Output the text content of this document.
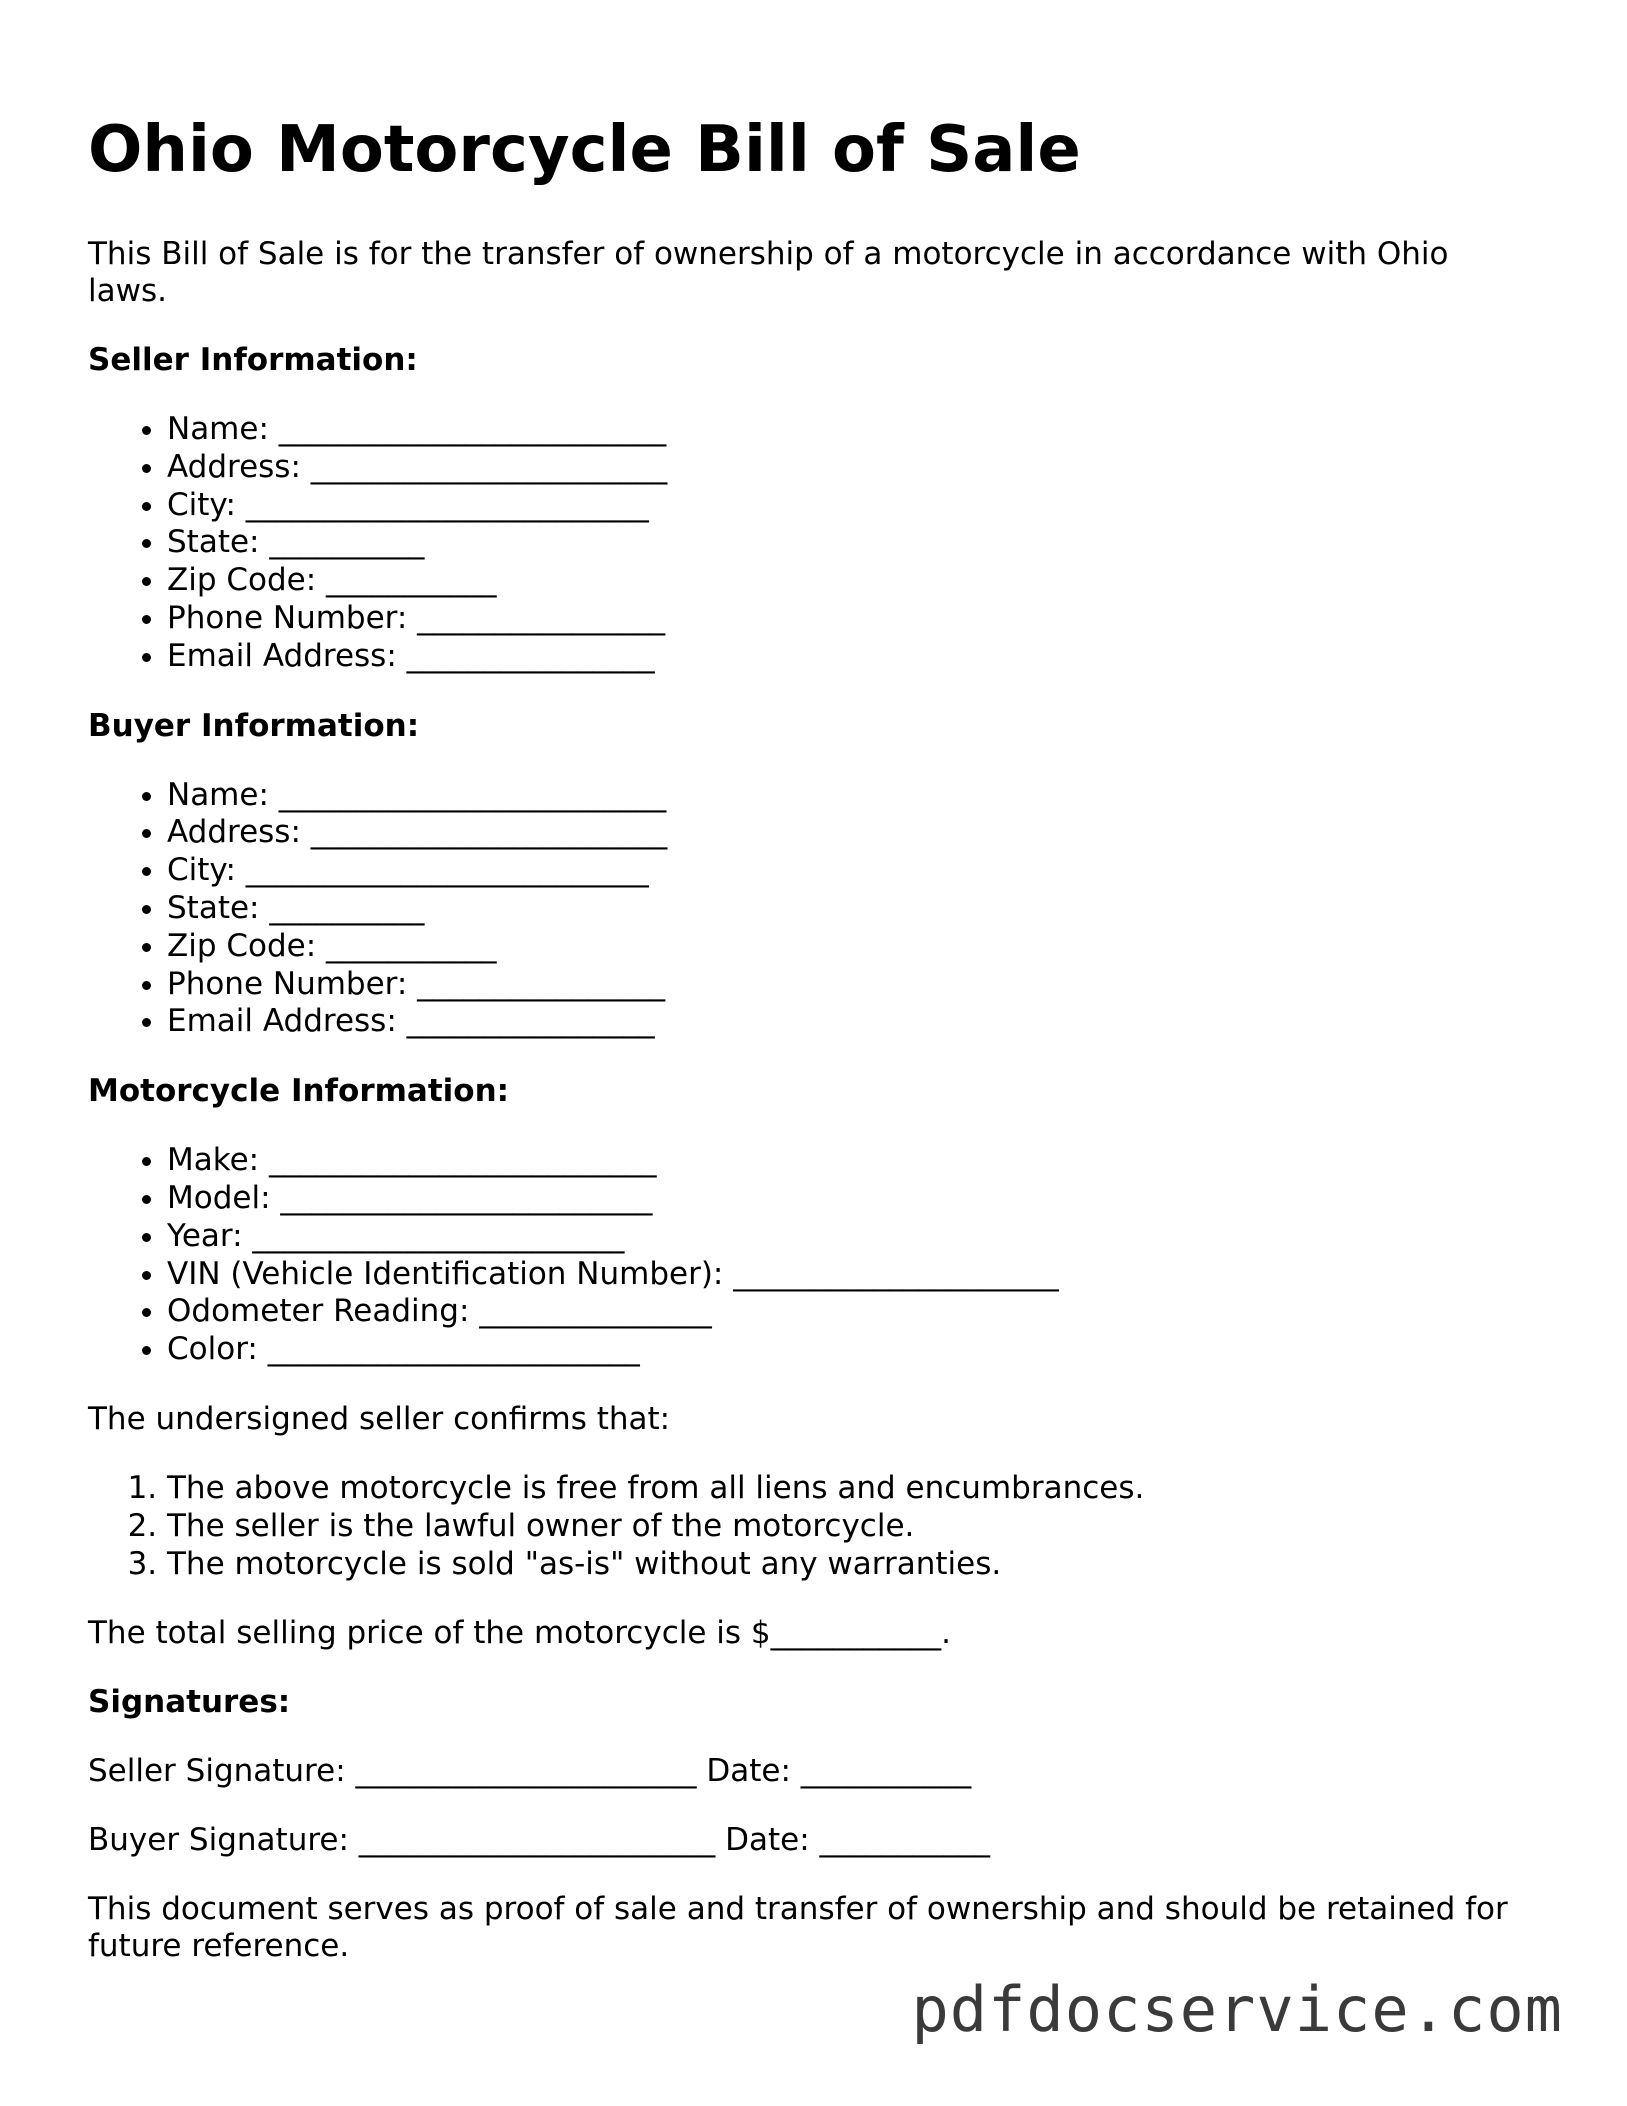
Ohio Motorcycle Bill of Sale

This Bill of Sale is for the transfer of ownership of a motorcycle in accordance with Ohio laws.

Seller Information:
• Name: _________________________
• Address: _______________________
• City: __________________________
• State: __________
• Zip Code: ___________
• Phone Number: ________________
• Email Address: ________________
Buyer Information:
• Name: _________________________
• Address: _______________________
• City: __________________________
• State: __________
• Zip Code: ___________
• Phone Number: ________________
• Email Address: ________________
Motorcycle Information:
• Make: _________________________
• Model: ________________________
• Year: ________________________
• VIN (Vehicle Identification Number): _____________________
• Odometer Reading: _______________
• Color: ________________________

The undersigned seller confirms that:

1. The above motorcycle is free from all liens and encumbrances.
2. The seller is the lawful owner of the motorcycle.
3. The motorcycle is sold "as-is" without any warranties.

The total selling price of the motorcycle is $___________.

Signatures:

Seller Signature: ______________________ Date: ___________

Buyer Signature: _______________________ Date: ___________

This document serves as proof of sale and transfer of ownership and should be retained for future reference.

pdfdocservice.com
